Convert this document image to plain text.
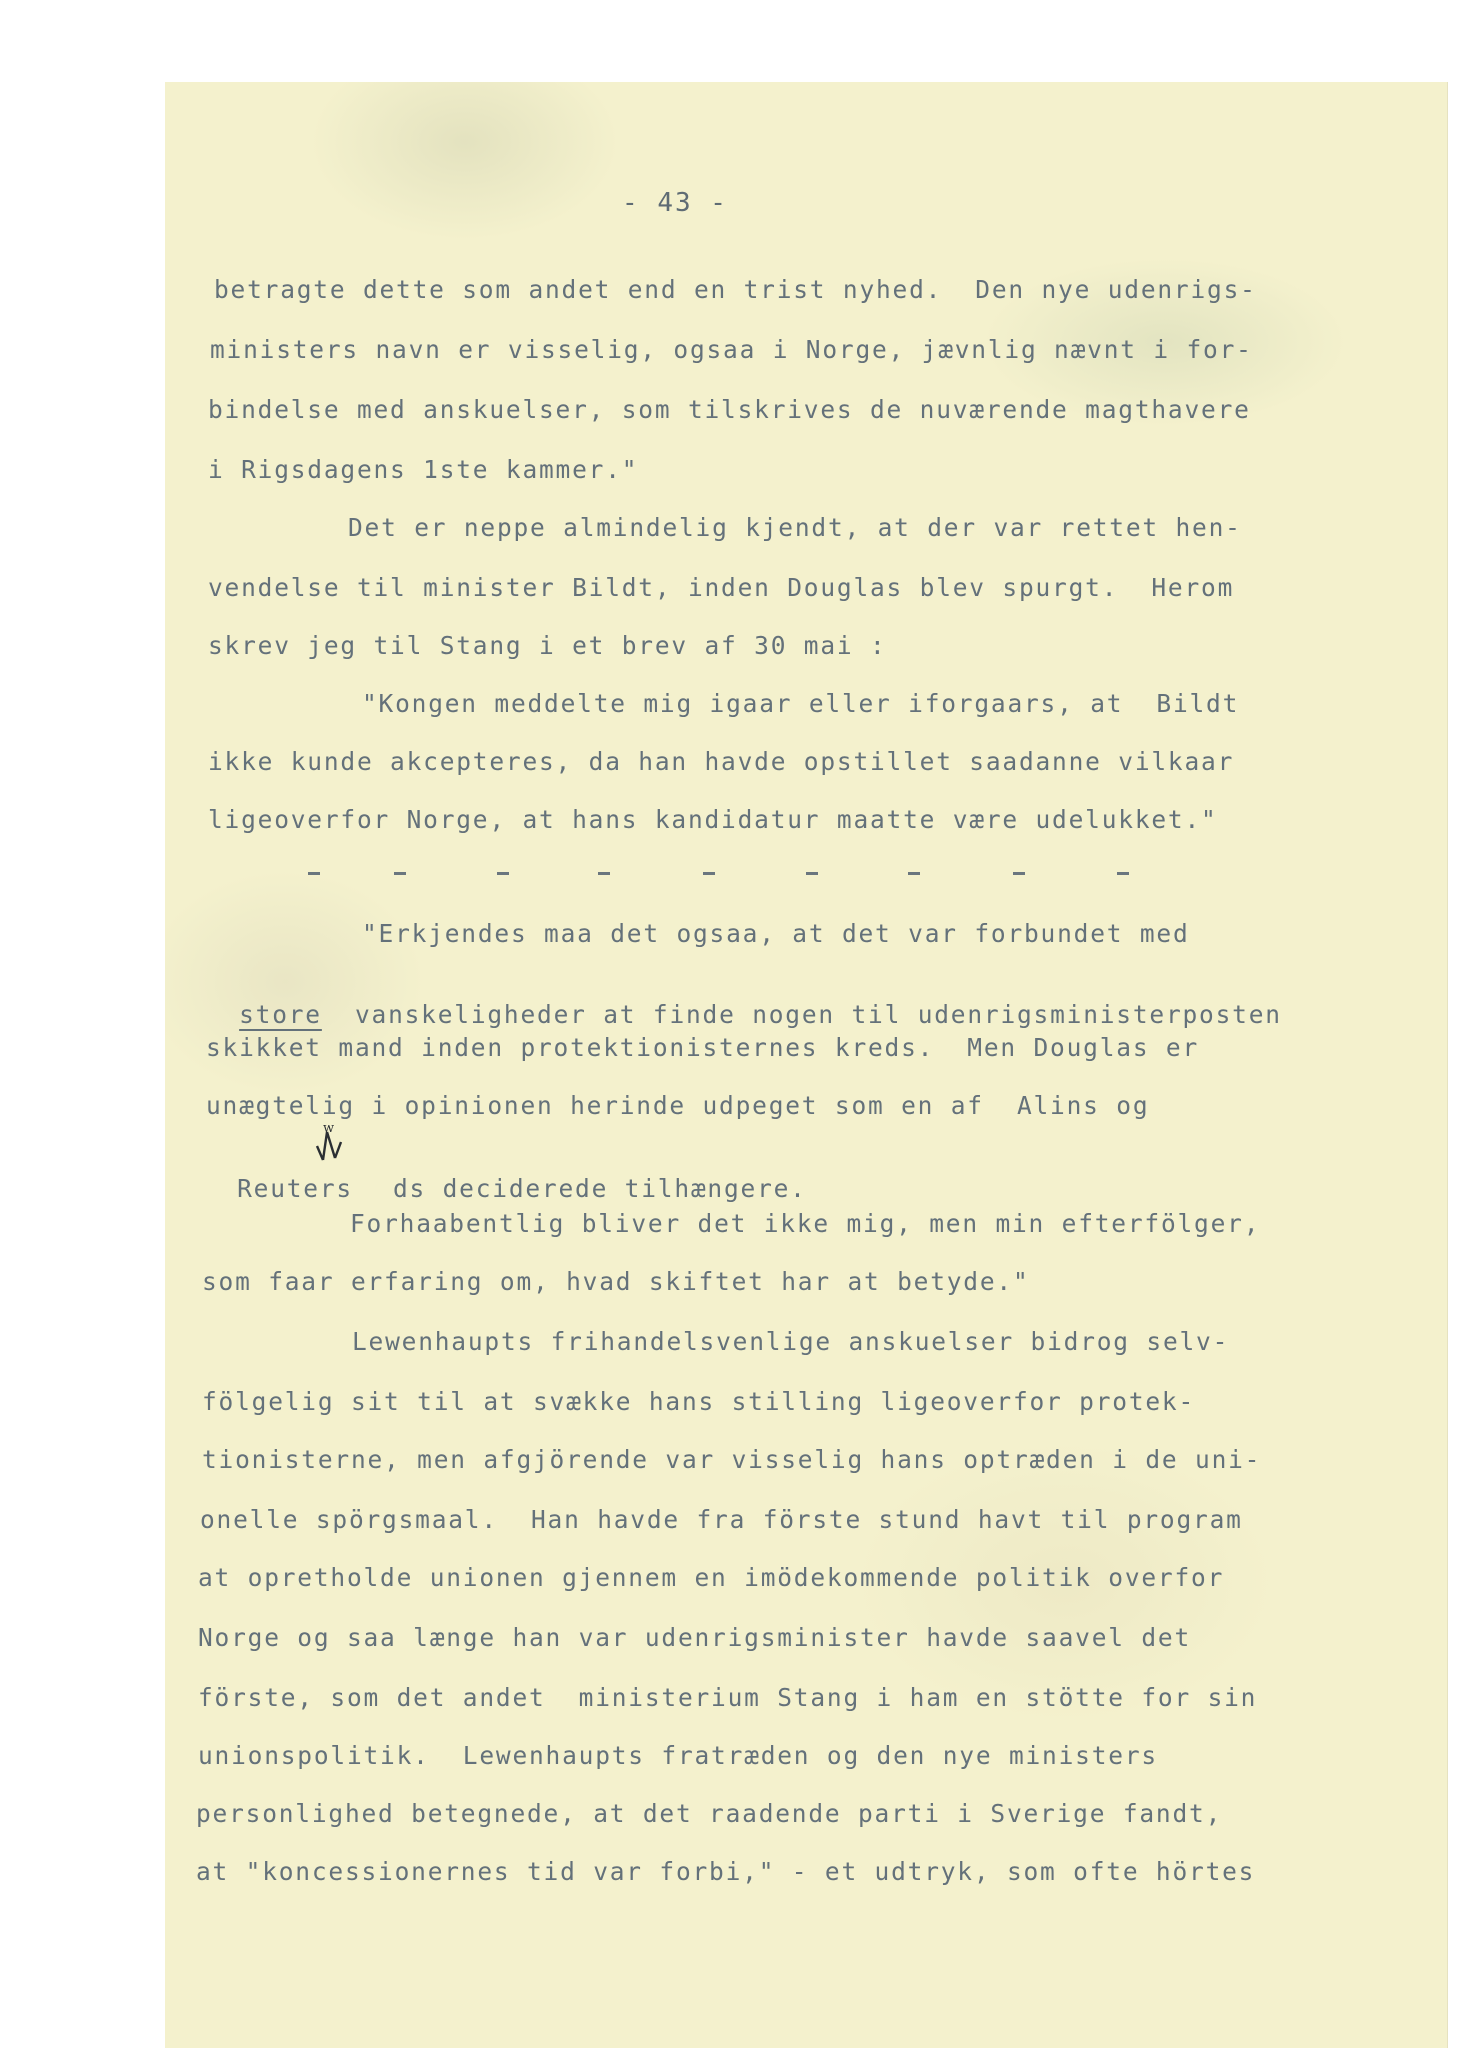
- 43 -
betragte dette som andet end en trist nyhed.  Den nye udenrigs-
ministers navn er visselig, ogsaa i Norge, jævnlig nævnt i for-
bindelse med anskuelser, som tilskrives de nuværende magthavere
i Rigsdagens 1ste kammer."
Det er neppe almindelig kjendt, at der var rettet hen-
vendelse til minister Bildt, inden Douglas blev spurgt.  Herom
skrev jeg til Stang i et brev af 30 mai :
"Kongen meddelte mig igaar eller iforgaars, at  Bildt
ikke kunde akcepteres, da han havde opstillet saadanne vilkaar
ligeoverfor Norge, at hans kandidatur maatte være udelukket."
"Erkjendes maa det ogsaa, at det var forbundet med

store vanskeligheder at finde nogen til udenrigsministerposten

skikket mand inden protektionisternes kreds.  Men Douglas er
unægtelig i opinionen herinde udpeget som en af  Alins og

Reuters ds deciderede tilhængere.

w
Forhaabentlig bliver det ikke mig, men min efterfölger,
som faar erfaring om, hvad skiftet har at betyde."
Lewenhaupts frihandelsvenlige anskuelser bidrog selv-
fölgelig sit til at svække hans stilling ligeoverfor protek-
tionisterne, men afgjörende var visselig hans optræden i de uni-
onelle spörgsmaal.  Han havde fra förste stund havt til program
at opretholde unionen gjennem en imödekommende politik overfor
Norge og saa længe han var udenrigsminister havde saavel det
förste, som det andet  ministerium Stang i ham en stötte for sin
unionspolitik.  Lewenhaupts fratræden og den nye ministers
personlighed betegnede, at det raadende parti i Sverige fandt,
at "koncessionernes tid var forbi," - et udtryk, som ofte hörtes
